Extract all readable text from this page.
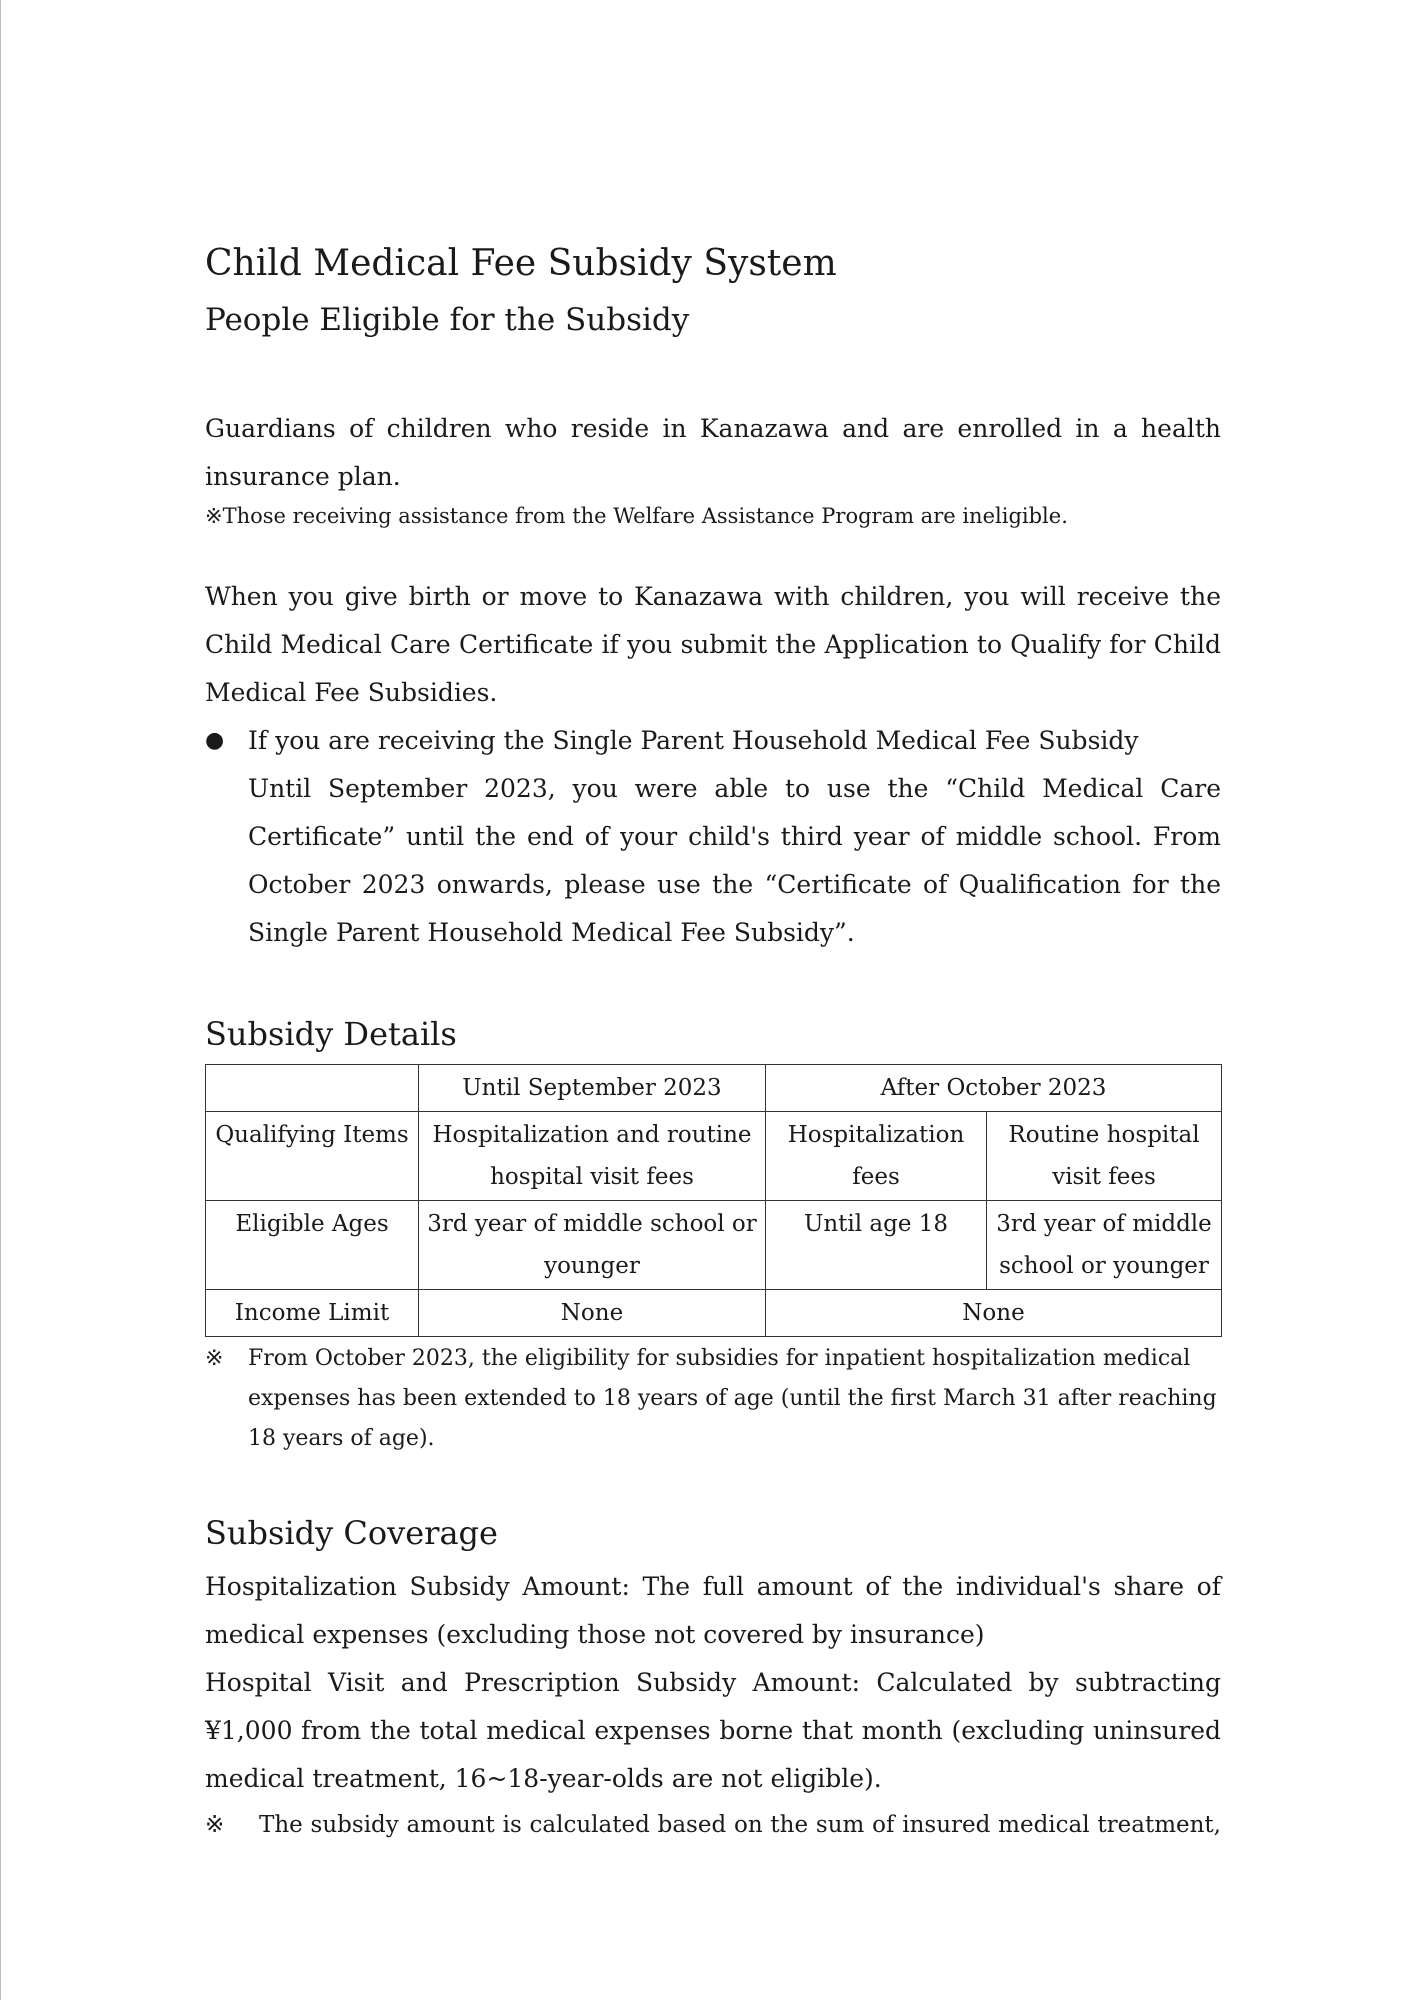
Child Medical Fee Subsidy System
People Eligible for the Subsidy

Guardians of children who reside in Kanazawa and are enrolled in a health insurance plan.

※Those receiving assistance from the Welfare Assistance Program are ineligible.

When you give birth or move to Kanazawa with children, you will receive the Child Medical Care Certificate if you submit the Application to Qualify for Child Medical Fee Subsidies.

● If you are receiving the Single Parent Household Medical Fee Subsidy
Until September 2023, you were able to use the “Child Medical Care Certificate” until the end of your child's third year of middle school. From October 2023 onwards, please use the “Certificate of Qualification for the Single Parent Household Medical Fee Subsidy”.
Subsidy Details
	Until September 2023	After October 2023	
Qualifying Items	Hospitalization and routine hospital visit fees	Hospitalization fees	Routine hospital visit fees
Eligible Ages	3rd year of middle school or younger	Until age 18	3rd year of middle school or younger
Income Limit	None	None	
※	From October 2023, the eligibility for subsidies for inpatient hospitalization medical expenses has been extended to 18 years of age (until the first March 31 after reaching 18 years of age).
Subsidy Coverage

Hospitalization Subsidy Amount: The full amount of the individual's share of medical expenses (excluding those not covered by insurance)

Hospital Visit and Prescription Subsidy Amount: Calculated by subtracting ¥1,000 from the total medical expenses borne that month (excluding uninsured medical treatment, 16~18-year-olds are not eligible).

※	The subsidy amount is calculated based on the sum of insured medical treatment,
